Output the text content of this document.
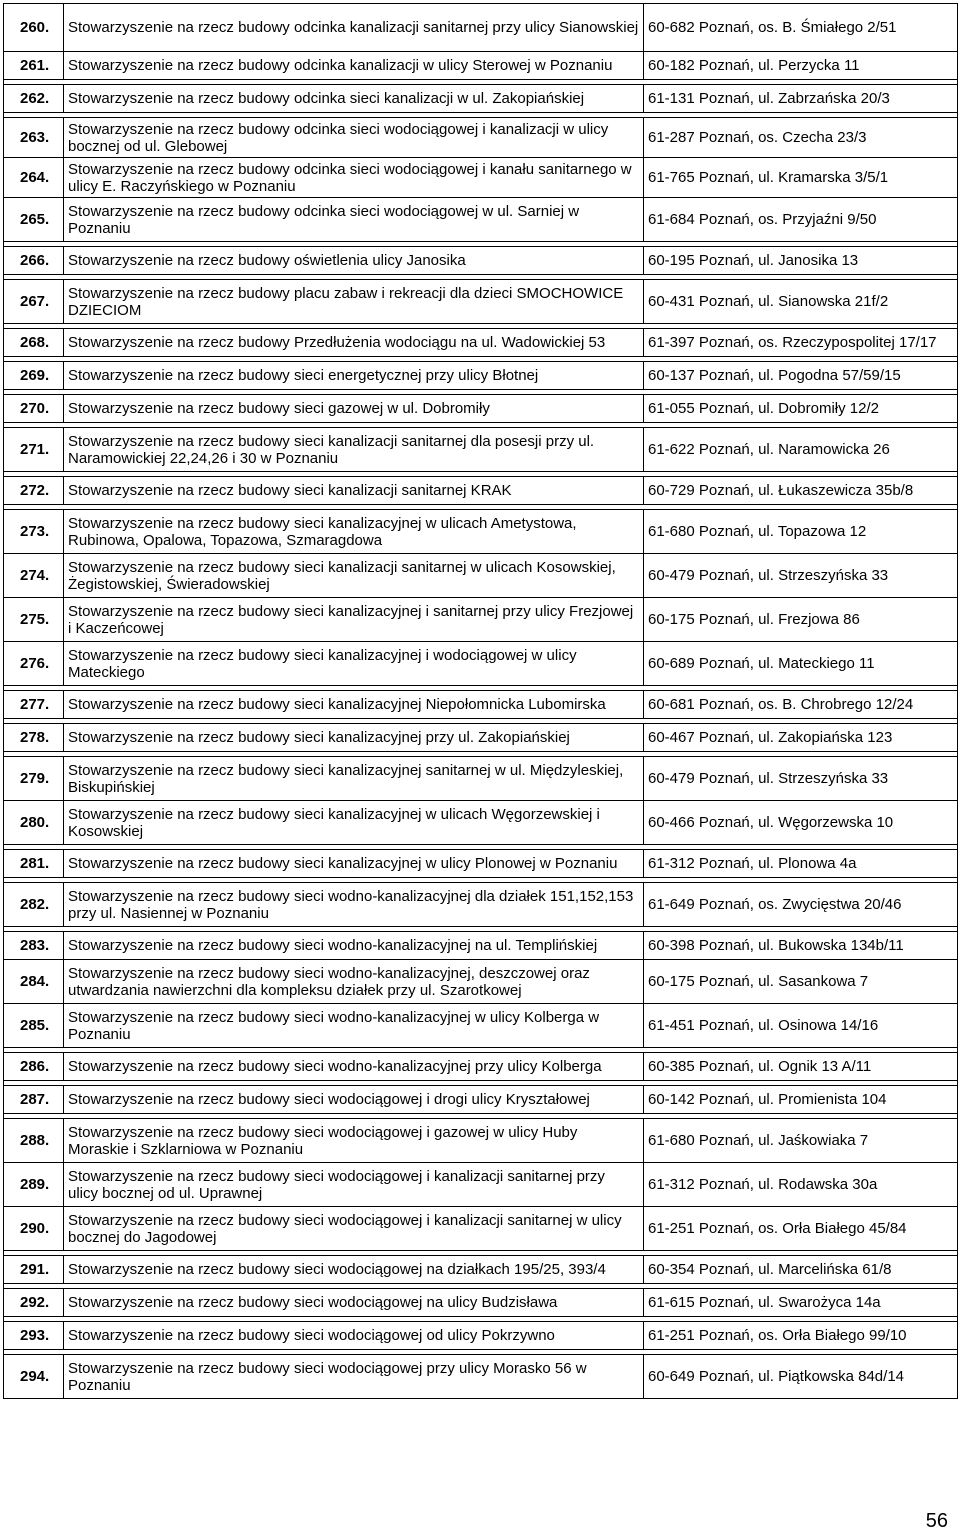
260.	Stowarzyszenie na rzecz budowy odcinka kanalizacji sanitarnej przy ulicy Sianowskiej	60-682 Poznań, os. B. Śmiałego 2/51
261.	Stowarzyszenie na rzecz budowy odcinka kanalizacji w ulicy Sterowej w Poznaniu	60-182 Poznań, ul. Perzycka 11

262.	Stowarzyszenie na rzecz budowy odcinka sieci kanalizacji w ul. Zakopiańskiej	61-131 Poznań, ul. Zabrzańska 20/3

263.	Stowarzyszenie na rzecz budowy odcinka sieci wodociągowej i kanalizacji w ulicy bocznej od ul. Glebowej	61-287 Poznań, os. Czecha 23/3
264.	Stowarzyszenie na rzecz budowy odcinka sieci wodociągowej i kanału sanitarnego w ulicy E. Raczyńskiego w Poznaniu	61-765 Poznań, ul. Kramarska 3/5/1
265.	Stowarzyszenie na rzecz budowy odcinka sieci wodociągowej w ul. Sarniej w Poznaniu	61-684 Poznań, os. Przyjaźni 9/50

266.	Stowarzyszenie na rzecz budowy oświetlenia ulicy Janosika	60-195 Poznań, ul. Janosika 13

267.	Stowarzyszenie na rzecz budowy placu zabaw i rekreacji dla dzieci SMOCHOWICE DZIECIOM	60-431 Poznań, ul. Sianowska 21f/2

268.	Stowarzyszenie na rzecz budowy Przedłużenia wodociągu na ul. Wadowickiej 53	61-397 Poznań, os. Rzeczypospolitej 17/17

269.	Stowarzyszenie na rzecz budowy sieci energetycznej przy ulicy Błotnej	60-137 Poznań, ul. Pogodna 57/59/15

270.	Stowarzyszenie na rzecz budowy sieci gazowej w ul. Dobromiły	61-055 Poznań, ul. Dobromiły 12/2

271.	Stowarzyszenie na rzecz budowy sieci kanalizacji sanitarnej dla posesji przy ul. Naramowickiej 22,24,26 i 30 w Poznaniu	61-622 Poznań, ul. Naramowicka 26

272.	Stowarzyszenie na rzecz budowy sieci kanalizacji sanitarnej KRAK	60-729 Poznań, ul. Łukaszewicza 35b/8

273.	Stowarzyszenie na rzecz budowy sieci kanalizacyjnej w ulicach Ametystowa, Rubinowa, Opalowa, Topazowa, Szmaragdowa	61-680 Poznań, ul. Topazowa 12
274.	Stowarzyszenie na rzecz budowy sieci kanalizacji sanitarnej w ulicach Kosowskiej, Żegistowskiej, Świeradowskiej	60-479 Poznań, ul. Strzeszyńska 33
275.	Stowarzyszenie na rzecz budowy sieci kanalizacyjnej i sanitarnej przy ulicy Frezjowej i Kaczeńcowej	60-175 Poznań, ul. Frezjowa 86
276.	Stowarzyszenie na rzecz budowy sieci kanalizacyjnej i wodociągowej w ulicy Mateckiego	60-689 Poznań, ul. Mateckiego 11

277.	Stowarzyszenie na rzecz budowy sieci kanalizacyjnej Niepołomnicka Lubomirska	60-681 Poznań, os. B. Chrobrego 12/24

278.	Stowarzyszenie na rzecz budowy sieci kanalizacyjnej przy ul. Zakopiańskiej	60-467 Poznań, ul. Zakopiańska 123

279.	Stowarzyszenie na rzecz budowy sieci kanalizacyjnej sanitarnej w ul. Międzyleskiej, Biskupińskiej	60-479 Poznań, ul. Strzeszyńska 33
280.	Stowarzyszenie na rzecz budowy sieci kanalizacyjnej w ulicach Węgorzewskiej i Kosowskiej	60-466 Poznań, ul. Węgorzewska 10

281.	Stowarzyszenie na rzecz budowy sieci kanalizacyjnej w ulicy Plonowej w Poznaniu	61-312 Poznań, ul. Plonowa 4a

282.	Stowarzyszenie na rzecz budowy sieci wodno-kanalizacyjnej dla działek 151,152,153 przy ul. Nasiennej w Poznaniu	61-649 Poznań, os. Zwycięstwa 20/46

283.	Stowarzyszenie na rzecz budowy sieci wodno-kanalizacyjnej na ul. Templińskiej	60-398 Poznań, ul. Bukowska 134b/11
284.	Stowarzyszenie na rzecz budowy sieci wodno-kanalizacyjnej, deszczowej oraz utwardzania nawierzchni dla kompleksu działek przy ul. Szarotkowej	60-175 Poznań, ul. Sasankowa 7
285.	Stowarzyszenie na rzecz budowy sieci wodno-kanalizacyjnej w ulicy Kolberga w Poznaniu	61-451 Poznań, ul. Osinowa 14/16

286.	Stowarzyszenie na rzecz budowy sieci wodno-kanalizacyjnej przy ulicy Kolberga	60-385 Poznań, ul. Ognik 13 A/11

287.	Stowarzyszenie na rzecz budowy sieci wodociągowej i drogi ulicy Kryształowej	60-142 Poznań, ul. Promienista 104

288.	Stowarzyszenie na rzecz budowy sieci wodociągowej i gazowej w ulicy Huby Moraskie i Szklarniowa w Poznaniu	61-680 Poznań, ul. Jaśkowiaka 7
289.	Stowarzyszenie na rzecz budowy sieci wodociągowej i kanalizacji sanitarnej przy ulicy bocznej od ul. Uprawnej	61-312 Poznań, ul. Rodawska 30a
290.	Stowarzyszenie na rzecz budowy sieci wodociągowej i kanalizacji sanitarnej w ulicy bocznej do Jagodowej	61-251 Poznań, os. Orła Białego 45/84

291.	Stowarzyszenie na rzecz budowy sieci wodociągowej na działkach 195/25, 393/4	60-354 Poznań, ul. Marcelińska 61/8

292.	Stowarzyszenie na rzecz budowy sieci wodociągowej na ulicy Budzisława	61-615 Poznań, ul. Swarożyca 14a

293.	Stowarzyszenie na rzecz budowy sieci wodociągowej od ulicy Pokrzywno	61-251 Poznań, os. Orła Białego 99/10

294.	Stowarzyszenie na rzecz budowy sieci wodociągowej przy ulicy Morasko 56 w Poznaniu	60-649 Poznań, ul. Piątkowska 84d/14
56
